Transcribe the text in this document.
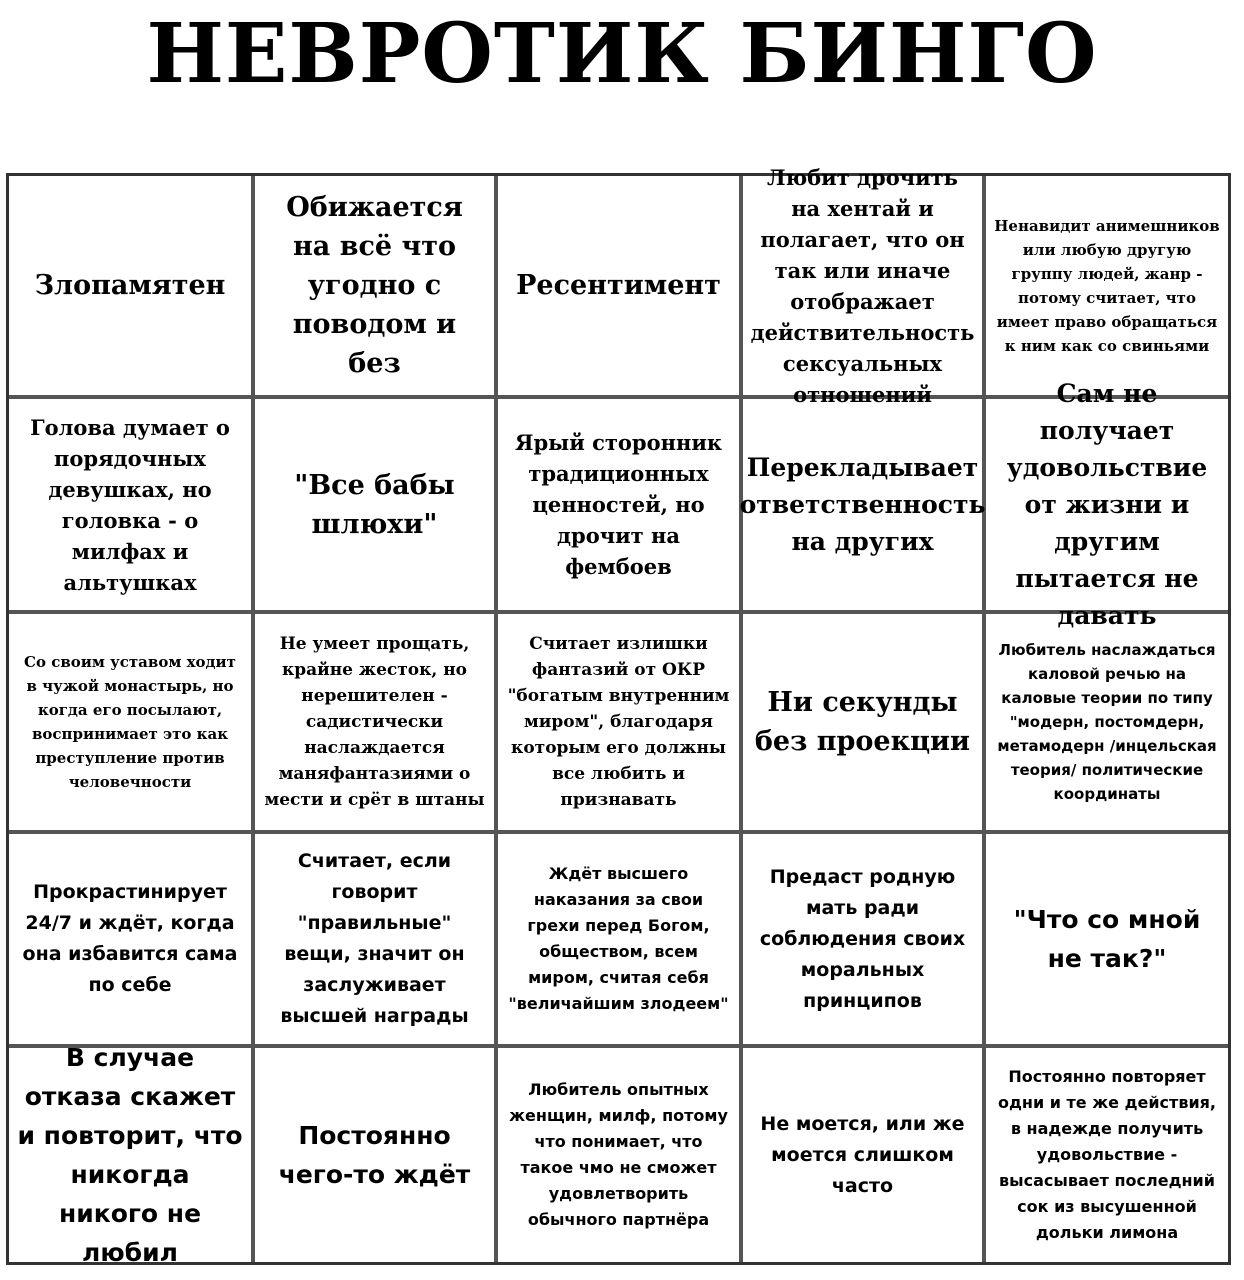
НЕВРОТИК БИНГО
Злопамятен
Обижается на всё что угодно с поводом и без
Ресентимент
Любит дрочить на хентай и полагает, что он так или иначе отображает действительность сексуальных отношений
Ненавидит анимешников или любую другую группу людей, жанр - потому считает, что имеет право обращаться к ним как со свиньями
Голова думает о порядочных девушках, но головка - о милфах и альтушках
"Все бабы шлюхи"
Ярый сторонник традиционных ценностей, но дрочит на фембоев
Перекладывает ответственность на других
Сам не получает удовольствие от жизни и другим пытается не давать
Со своим уставом ходит в чужой монастырь, но когда его посылают, воспринимает это как преступление против человечности
Не умеет прощать, крайне жесток, но нерешителен - садистически наслаждается маняфантазиями о мести и срёт в штаны
Считает излишки фантазий от ОКР "богатым внутренним миром", благодаря которым его должны все любить и признавать
Ни секунды без проекции
Любитель наслаждаться каловой речью на каловые теории по типу "модерн, постомдерн, метамодерн /инцельская теория/ политические координаты
Прокрастинирует 24/7 и ждёт, когда она избавится сама по себе
Считает, если говорит "правильные" вещи, значит он заслуживает высшей награды
Ждёт высшего наказания за свои грехи перед Богом, обществом, всем миром, считая себя "величайшим злодеем"
Предаст родную мать ради соблюдения своих моральных принципов
"Что со мной не так?"
В случае отказа скажет и повторит, что никогда никого не любил
Постоянно чего-то ждёт
Любитель опытных женщин, милф, потому что понимает, что такое чмо не сможет удовлетворить обычного партнёра
Не моется, или же моется слишком часто
Постоянно повторяет одни и те же действия, в надежде получить удовольствие - высасывает последний сок из высушенной дольки лимона
